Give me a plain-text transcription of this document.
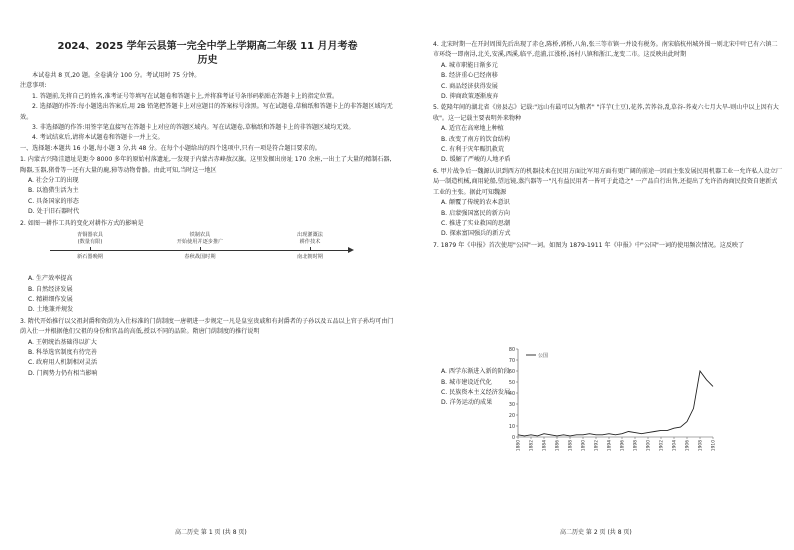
2024、2025 学年云县第一完全中学上学期高二年级 11 月月考卷
历史

本试卷共 8 页,20 题。全卷满分 100 分。考试用时 75 分钟。

注意事项:

1. 答题前,先将自己的姓名,准考证号等填写在试题卷和答题卡上,并将准考证号条形码粘贴在答题卡上的指定位置。

2. 选择题的作答:每小题选出答案后,用 2B 铅笔把答题卡上对应题目的答案标号涂黑。写在试题卷,草稿纸和答题卡上的非答题区域均无效。

3. 非选择题的作答:用签字笔直接写在答题卡上对应的答题区域内。写在试题卷,草稿纸和答题卡上的非答题区域均无效。

4. 考试结束后,请将本试题卷和答题卡一并上交。

一、选择题:本题共 16 小题,每小题 3 分,共 48 分。在每个小题给出的四个选项中,只有一项是符合题目要求的。

1. 内蒙古兴隆洼遗址是距今 8000 多年的原始村落遗址,一发现于内蒙古赤峰敖汉旗。这里发掘出房址 170 余座,一出土了大量的精制石器,陶器,玉器,猪骨等一还有大量的鹿,獐等动物骨骼。由此可知,当时这一地区

A. 社会分工的出现

B. 以渔猎生活为主

C. 具备国家的形态

D. 处于旧石器时代

2. 如图一耕作工具的变化对耕作方式的影响是

青铜器农具
(数量有限)
新石器晚期
铁制农具
开始使用并逐步推广
春秋战国时期
出现灌溉法
耕作技术
南北朝时期

A. 生产效率提高

B. 自然经济发展

C. 精耕细作发展

D. 土地兼并规发

3. 隋代开始推行以父祖封爵和资荫为入仕标准的门荫制度一唐朝进一步规定一凡是皇室贵戚和有封爵者的子孙以及五品以上官子孙均可由门荫入仕一并根据他们父祖的身份和官品的高低,授以不同的品阶。隋唐门荫制度的推行说明

A. 王朝统治基础得以扩大

B. 科举选官制度有待完善

C. 政府用人机制相对灵活

D. 门阀势力仍有相当影响

4. 北宋时期一在开封周围先后出现了赤仓,陈桥,郭桥,八角,张三等市镇一并设有税务。南宋临杭州城外围一则北宋中叶已有六镇二市环绕一即南浔,北关,安溪,西溪,临平,范浦,江涨桥,汤村八镇和浙江,龙变二市。这反映出此时期

A. 城市职能日渐多元

B. 经济重心已经南移

C. 商品经济获得发展

D. 抑商政策逐渐废弃

5. 乾隆年间的湖北省《房县志》记载:"远山有最可以为粮者" "洋芋(土豆),花荞,苦荞谷,乱草谷-荞麦六七月大旱-则山中以上因有大收"。这一记载主要表明外来物种

A. 适宜在高寒地上种植

B. 改变了南方的饮食结构

C. 有利于灾年赈饥救荒

D. 缓解了严峻的人地矛盾

6. 甲片战争后一魏源认识到西方的机器技术在民用方面比军用方面有更广阔的前途一因而主张发展民用机器工业一允许私人设立厂局一制造机械,商用轮船,望远镜,蒸汽器等一"凡有益民用者一皆可于此造之" 一产品自行出售,还提出了允许沿海商民投资自建新式工业的主张。据此可知魏源

A. 颠覆了传统的农本意识

B. 启蒙强国富民的新方向

C. 推进了实业救国的思潮

D. 探索富国强兵的新方式

7. 1879 年《申报》首次使用"公国"一词。如图为 1879-1911 年《申报》中"公国"一词的使用频次情况。这反映了

A. 西学东渐进入新的阶段

B. 城市建设近代化

C. 民族资本主义经济发展

D. 洋务运动的成果

0
10
20
30
40
50
60
70
80
1880 1882 1884 1886 1888 1890 1892 1894 1896 1898 1900 1902 1904 1906 1908 1910
公国
高二历史 第 1 页 (共 8 页)	高二历史 第 2 页 (共 8 页)
